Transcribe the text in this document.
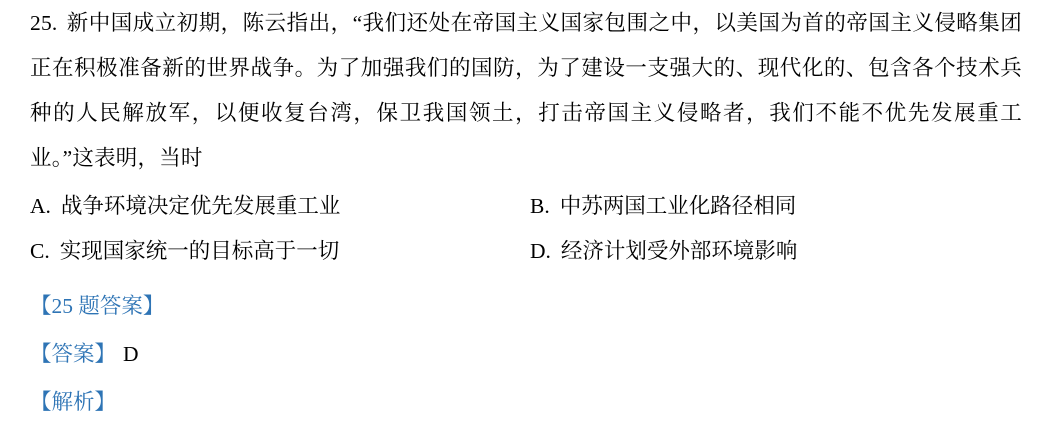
25. 新中国成立初期，陈云指出，“我们还处在帝国主义国家包围之中，以美国为首的帝国主义侵略集团正在积极准备新的世界战争。为了加强我们的国防，为了建设一支强大的、现代化的、包含各个技术兵种的人民解放军，以便收复台湾，保卫我国领土，打击帝国主义侵略者，我们不能不优先发展重工业。”这表明，当时

A. 战争环境决定优先发展重工业	B. 中苏两国工业化路径相同
C. 实现国家统一的目标高于一切	D. 经济计划受外部环境影响
【25 题答案】
【答案】 D
【解析】
